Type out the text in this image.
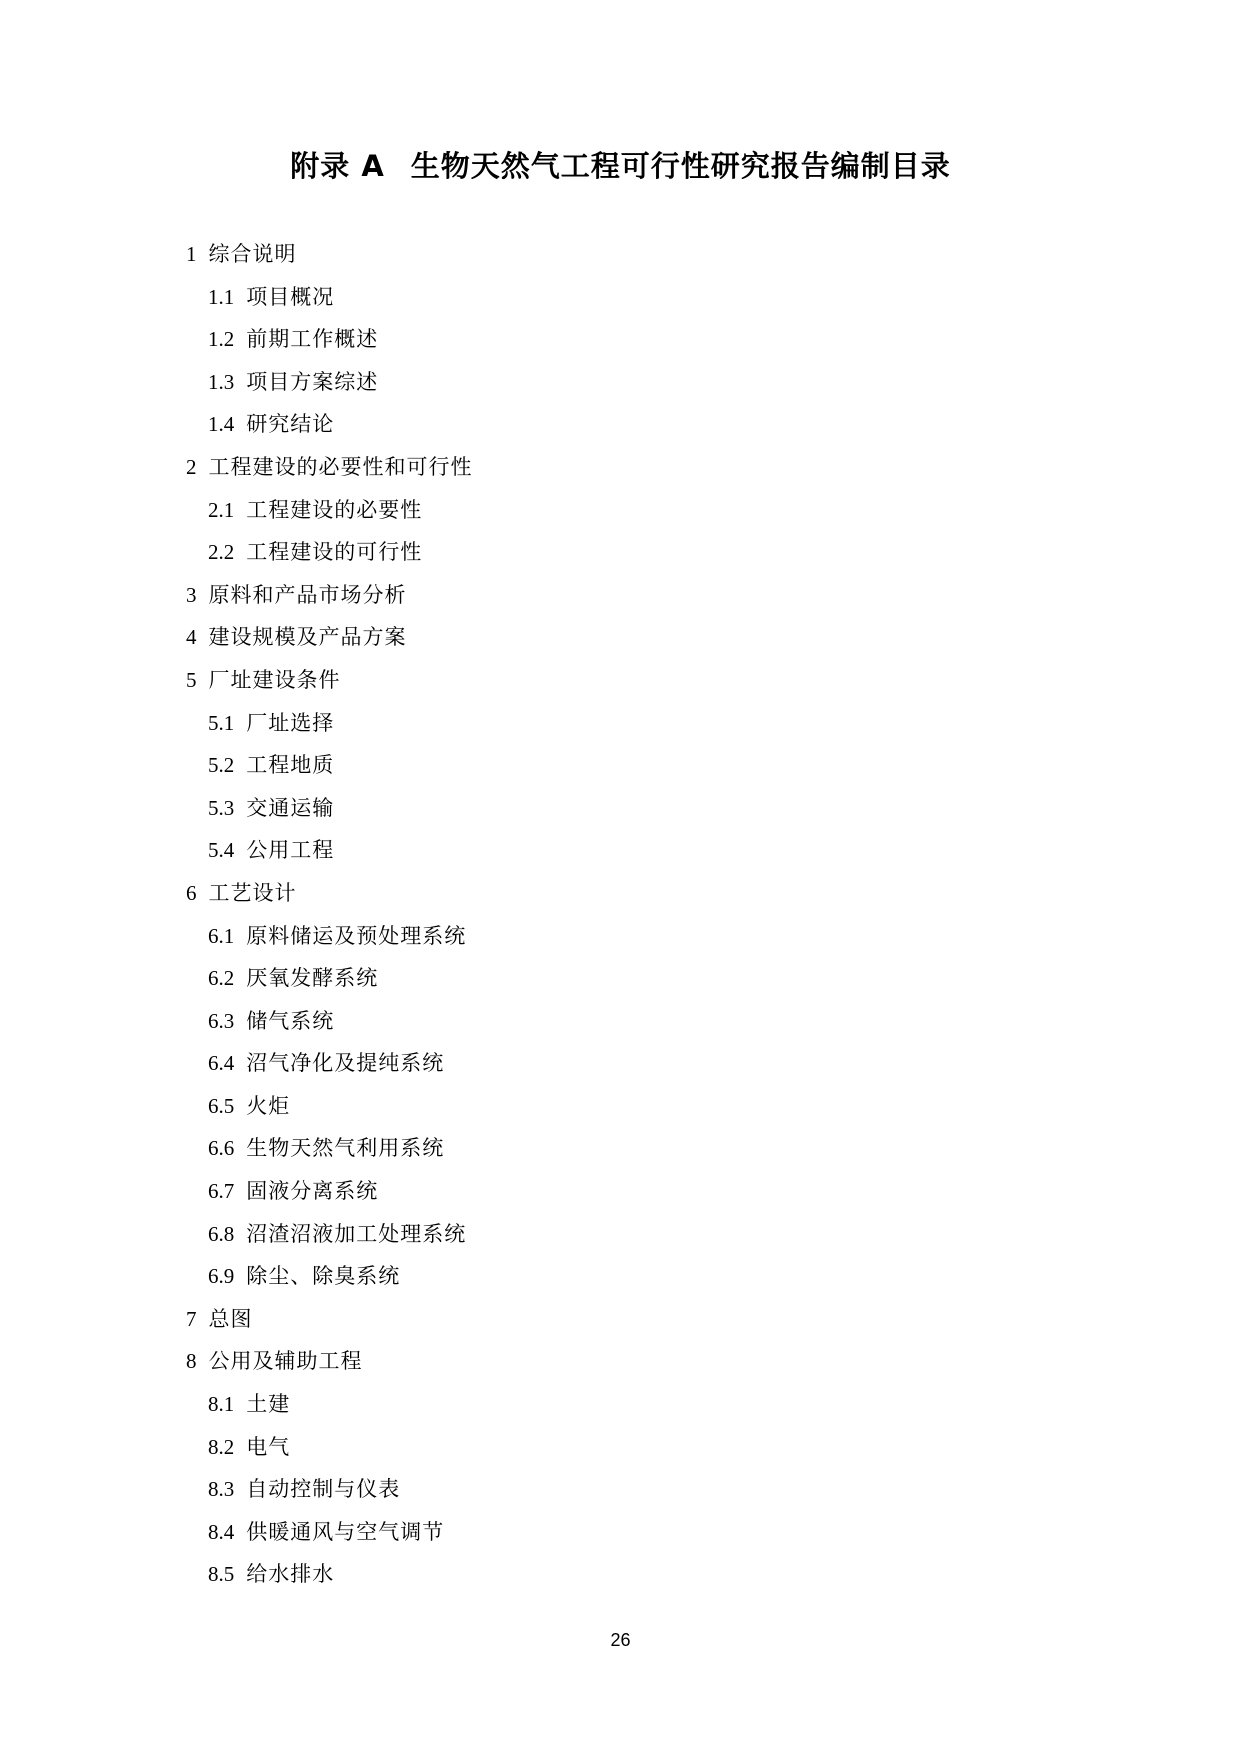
附录 A 生物天然气工程可行性研究报告编制目录
1 综合说明
1.1 项目概况
1.2 前期工作概述
1.3 项目方案综述
1.4 研究结论
2 工程建设的必要性和可行性
2.1 工程建设的必要性
2.2 工程建设的可行性
3 原料和产品市场分析
4 建设规模及产品方案
5 厂址建设条件
5.1 厂址选择
5.2 工程地质
5.3 交通运输
5.4 公用工程
6 工艺设计
6.1 原料储运及预处理系统
6.2 厌氧发酵系统
6.3 储气系统
6.4 沼气净化及提纯系统
6.5 火炬
6.6 生物天然气利用系统
6.7 固液分离系统
6.8 沼渣沼液加工处理系统
6.9 除尘、除臭系统
7 总图
8 公用及辅助工程
8.1 土建
8.2 电气
8.3 自动控制与仪表
8.4 供暖通风与空气调节
8.5 给水排水
26
